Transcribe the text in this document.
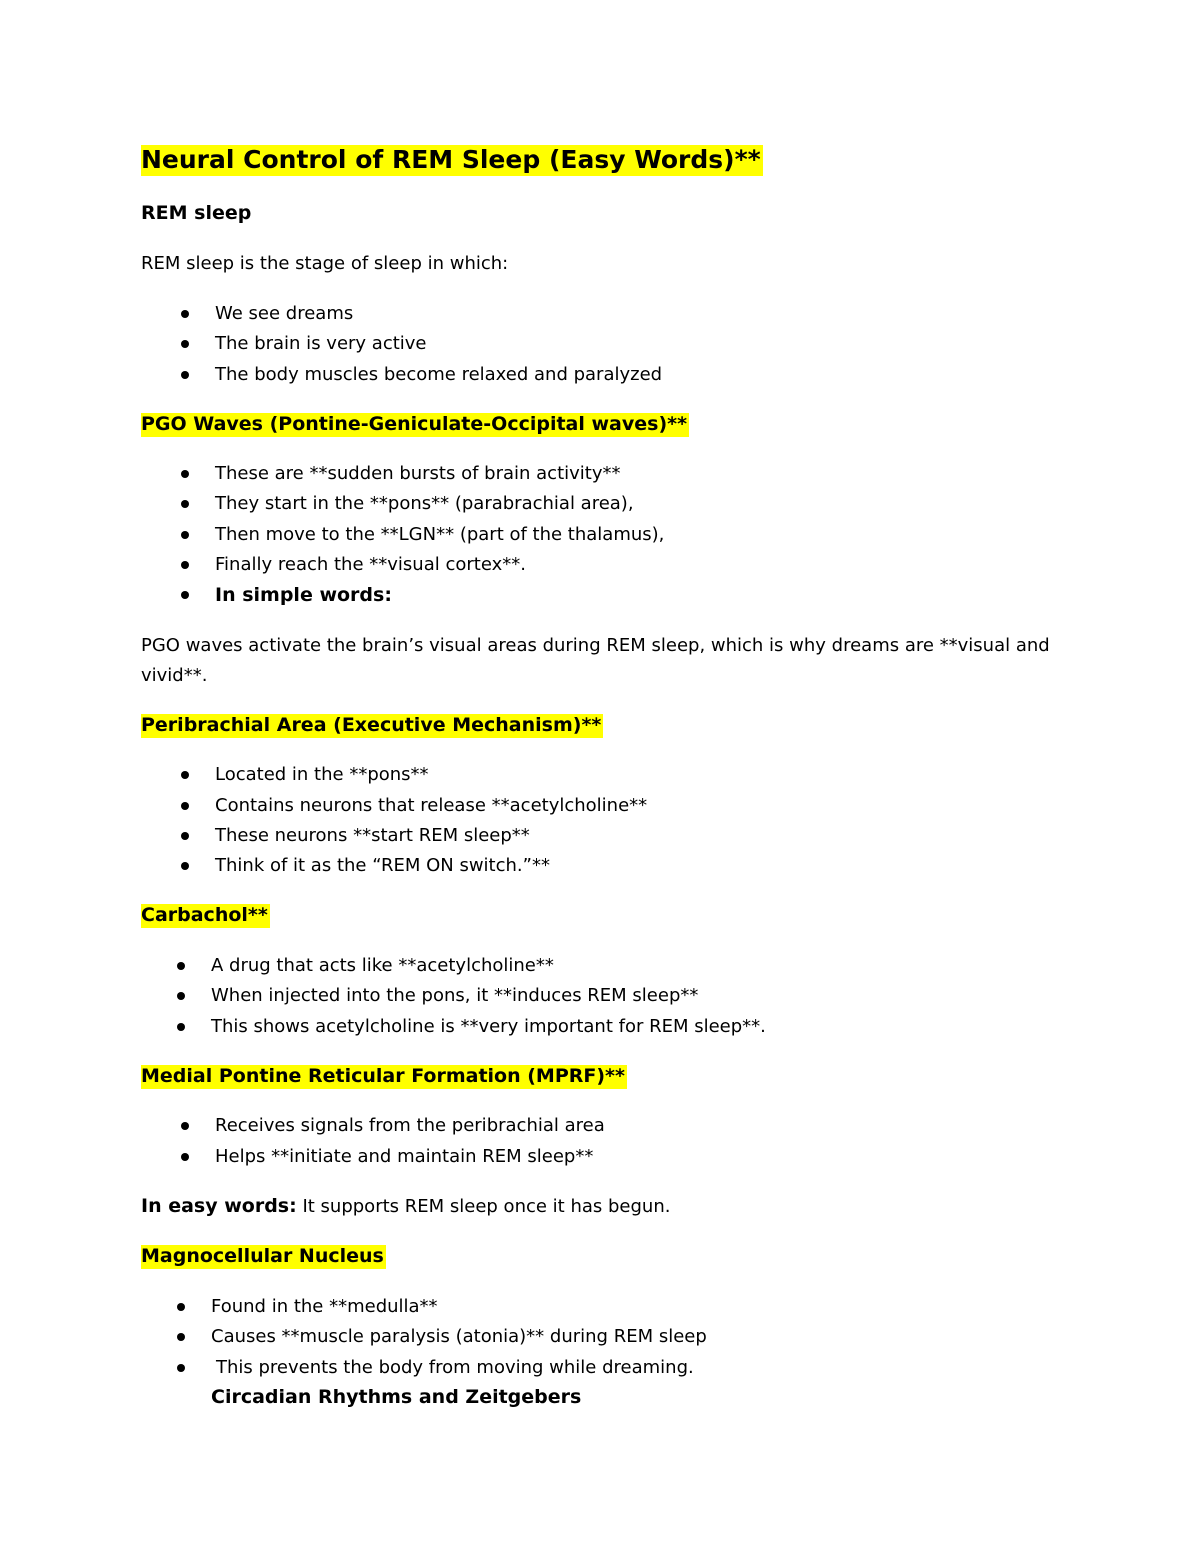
Neural Control of REM Sleep (Easy Words)**
REM sleep
REM sleep is the stage of sleep in which:
We see dreams
The brain is very active
The body muscles become relaxed and paralyzed
PGO Waves (Pontine-Geniculate-Occipital waves)**
These are **sudden bursts of brain activity**
They start in the **pons** (parabrachial area),
Then move to the **LGN** (part of the thalamus),
Finally reach the **visual cortex**.
In simple words:
PGO waves activate the brain’s visual areas during REM sleep, which is why dreams are **visual and
vivid**.
Peribrachial Area (Executive Mechanism)**
Located in the **pons**
Contains neurons that release **acetylcholine**
These neurons **start REM sleep**
Think of it as the “REM ON switch.”**
Carbachol**
A drug that acts like **acetylcholine**
When injected into the pons, it **induces REM sleep**
This shows acetylcholine is **very important for REM sleep**.
Medial Pontine Reticular Formation (MPRF)**
Receives signals from the peribrachial area
Helps **initiate and maintain REM sleep**
In easy words: It supports REM sleep once it has begun.
Magnocellular Nucleus
Found in the **medulla**
Causes **muscle paralysis (atonia)** during REM sleep
This prevents the body from moving while dreaming.
Circadian Rhythms and Zeitgebers
